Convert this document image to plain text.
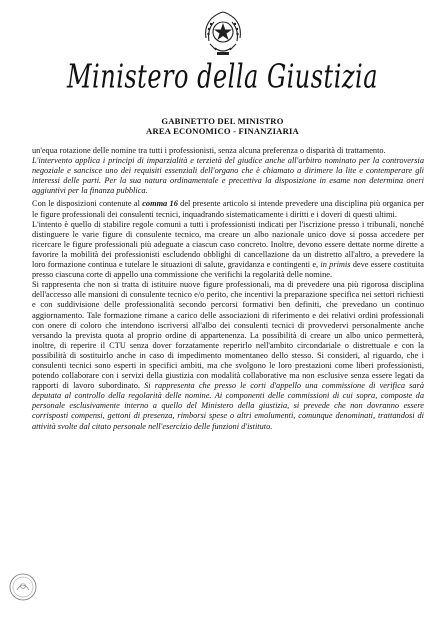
Ministero della Giustizia
GABINETTO DEL MINISTRO
AREA ECONOMICO - FINANZIARIA

un'equa rotazione delle nomine tra tutti i professionisti, senza alcuna preferenza o disparità di trattamento.

L'intervento applica i principi di imparzialità e terzietà del giudice anche all'arbitro nominato per la controversia negoziale e sancisce uno dei requisiti essenziali dell'organo che è chiamato a dirimere la lite e contemperare gli interessi delle parti. Per la sua natura ordinamentale e precettiva la disposizione in esame non determina oneri aggiuntivi per la finanza pubblica.

Con le disposizioni contenute al comma 16 del presente articolo si intende prevedere una disciplina più organica per le figure professionali dei consulenti tecnici, inquadrando sistematicamente i diritti e i doveri di questi ultimi.

L'intento è quello di stabilire regole comuni a tutti i professionisti indicati per l'iscrizione presso i tribunali, nonché distinguere le varie figure di consulente tecnico, ma creare un albo nazionale unico dove si possa accedere per ricercare le figure professionali più adeguate a ciascun caso concreto. Inoltre, devono essere dettate norme dirette a favorire la mobilità dei professionisti escludendo obblighi di cancellazione da un distretto all'altro, a prevedere la loro formazione continua e tutelare le situazioni di salute, gravidanza e contingenti e, in primis deve essere costituita presso ciascuna corte di appello una commissione che verifichi la regolarità delle nomine.

Si rappresenta che non si tratta di istituire nuove figure professionali, ma di prevedere una più rigorosa disciplina dell'accesso alle mansioni di consulente tecnico e/o perito, che incentivi la preparazione specifica nei settori richiesti e con suddivisione delle professionalità secondo percorsi formativi ben definiti, che prevedano un continuo aggiornamento. Tale formazione rimane a carico delle associazioni di riferimento e dei relativi ordini professionali con onere di coloro che intendono iscriversi all'albo dei consulenti tecnici di provvedervi personalmente anche versando la prevista quota al proprio ordine di appartenenza. La possibilità di creare un albo unico permetterà, inoltre, di reperire il CTU senza dover forzatamente reperirlo nell'ambito circondariale o distrettuale e con la possibilità di sostituirlo anche in caso di impedimento momentaneo dello stesso. Si consideri, al riguardo, che i consulenti tecnici sono esperti in specifici ambiti, ma che svolgono le loro prestazioni come liberi professionisti, potendo collaborare con i servizi della giustizia con modalità collaborative ma non esclusive senza essere legati da rapporti di lavoro subordinato. Si rappresenta che presso le corti d'appello una commissione di verifica sarà deputata al controllo della regolarità delle nomine. Ai componenti delle commissioni di cui sopra, composte da personale esclusivamente interno a quello del Ministero della giustizia, si prevede che non dovranno essere corrisposti compensi, gettoni di presenza, rimborsi spese o altri emolumenti, comunque denominati, trattandosi di attività svolte dal citato personale nell'esercizio delle funzioni d'istituto.
